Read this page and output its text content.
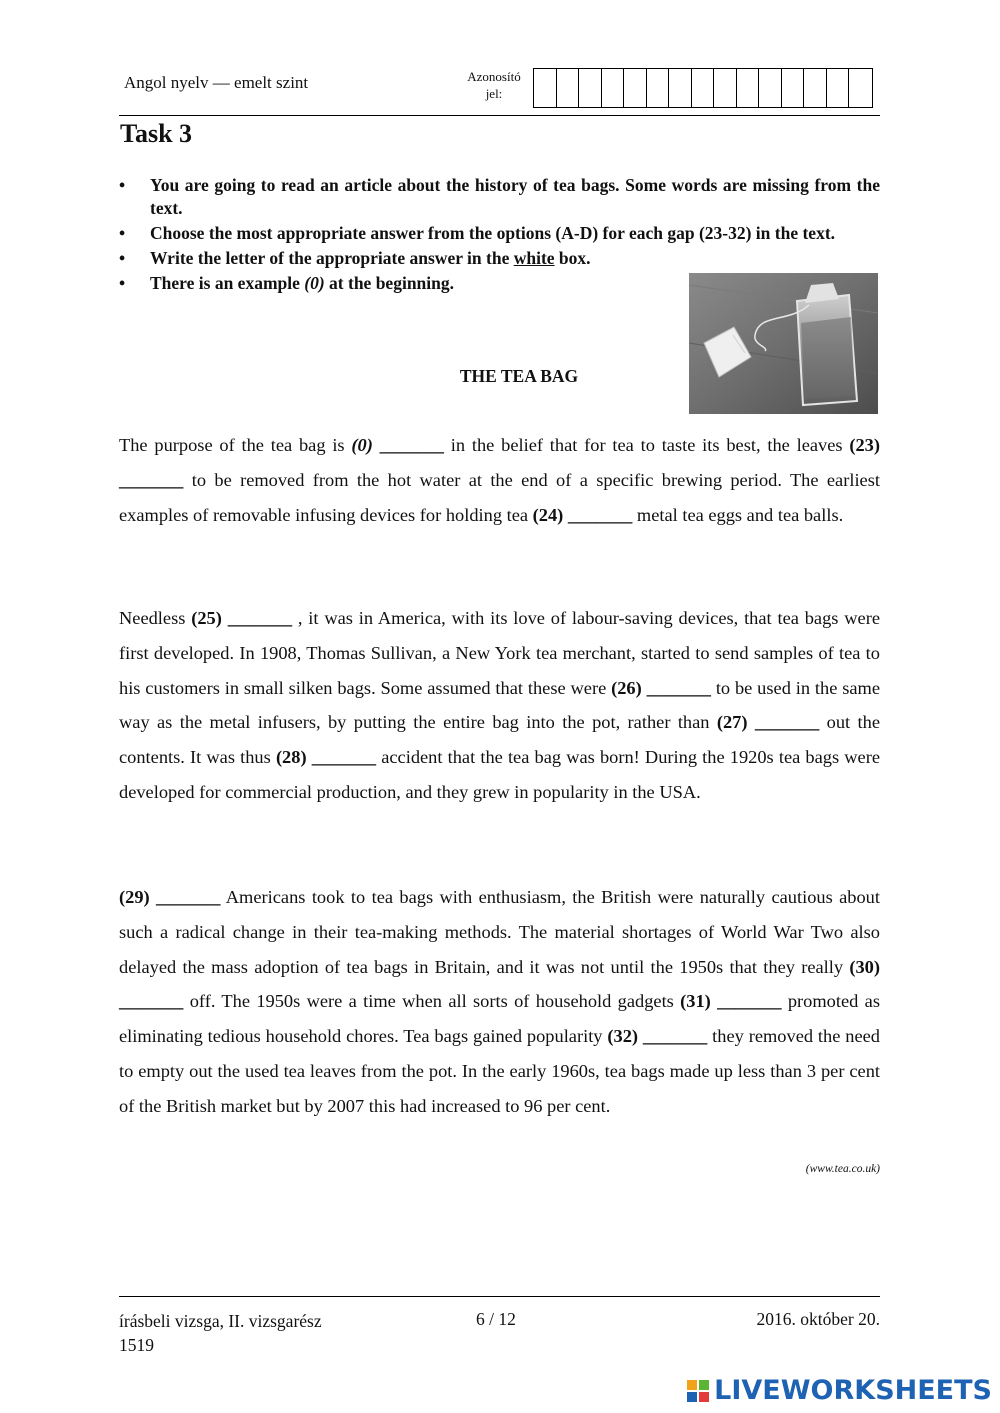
Angol nyelv — emelt szint	Azonosító
jel:
Task 3
• You are going to read an article about the history of tea bags. Some words are missing from the text.
• Choose the most appropriate answer from the options (A-D) for each gap (23-32) in the text.
• Write the letter of the appropriate answer in the white box.
• There is an example (0) at the beginning.
THE TEA BAG

The purpose of the tea bag is (0) _______ in the belief that for tea to taste its best, the leaves (23) _______ to be removed from the hot water at the end of a specific brewing period. The earliest examples of removable infusing devices for holding tea (24) _______ metal tea eggs and tea balls.

Needless (25) _______ , it was in America, with its love of labour-saving devices, that tea bags were first developed. In 1908, Thomas Sullivan, a New York tea merchant, started to send samples of tea to his customers in small silken bags. Some assumed that these were (26) _______ to be used in the same way as the metal infusers, by putting the entire bag into the pot, rather than (27) _______ out the contents. It was thus (28) _______ accident that the tea bag was born! During the 1920s tea bags were developed for commercial production, and they grew in popularity in the USA.

(29) _______ Americans took to tea bags with enthusiasm, the British were naturally cautious about such a radical change in their tea-making methods. The material shortages of World War Two also delayed the mass adoption of tea bags in Britain, and it was not until the 1950s that they really (30) _______ off. The 1950s were a time when all sorts of household gadgets (31) _______ promoted as eliminating tedious household chores. Tea bags gained popularity (32) _______ they removed the need to empty out the used tea leaves from the pot. In the early 1960s, tea bags made up less than 3 per cent of the British market but by 2007 this had increased to 96 per cent.

(www.tea.co.uk)
írásbeli vizsga, II. vizsgarész
1519
6 / 12	2016. október 20.
LIVEWORKSHEETS
